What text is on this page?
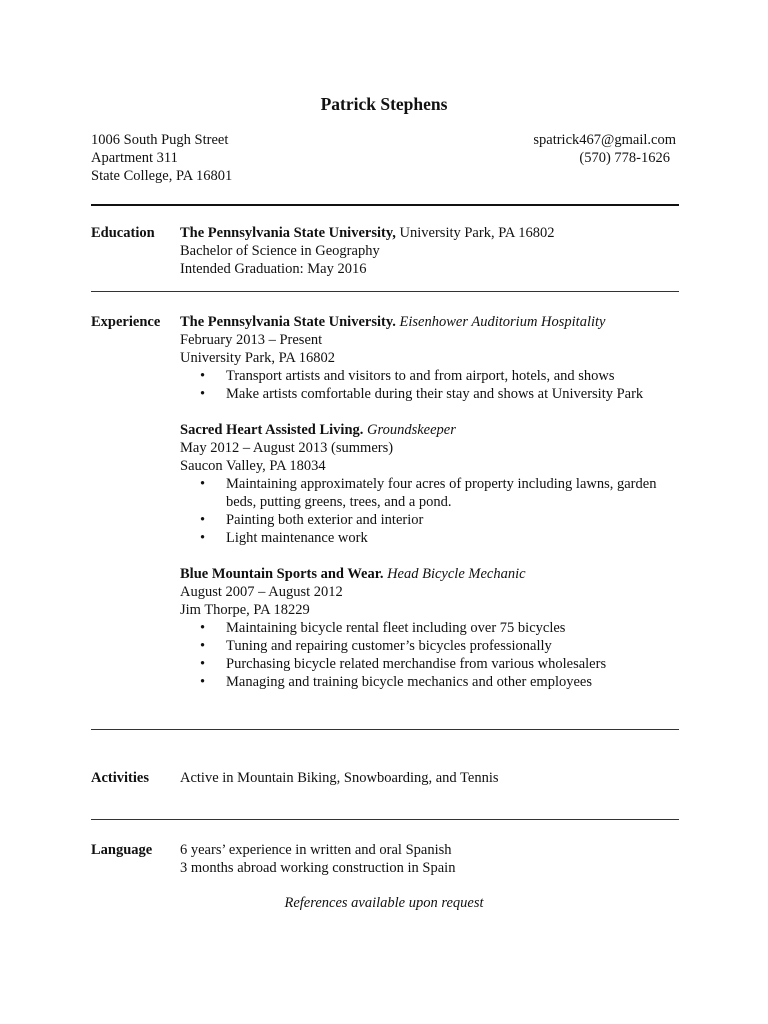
Patrick Stephens
1006 South Pugh Street
Apartment 311
State College, PA 16801
spatrick467@gmail.com
(570) 778-1626
Education The Pennsylvania State University, University Park, PA 16802
Bachelor of Science in Geography
Intended Graduation: May 2016
Experience The Pennsylvania State University. Eisenhower Auditorium Hospitality
February 2013 – Present
University Park, PA 16802
• Transport artists and visitors to and from airport, hotels, and shows
• Make artists comfortable during their stay and shows at University Park
Sacred Heart Assisted Living. Groundskeeper
May 2012 – August 2013 (summers)
Saucon Valley, PA 18034
• Maintaining approximately four acres of property including lawns, garden beds, putting greens, trees, and a pond.
• Painting both exterior and interior
• Light maintenance work
Blue Mountain Sports and Wear. Head Bicycle Mechanic
August 2007 – August 2012
Jim Thorpe, PA 18229
• Maintaining bicycle rental fleet including over 75 bicycles
• Tuning and repairing customer’s bicycles professionally
• Purchasing bicycle related merchandise from various wholesalers
• Managing and training bicycle mechanics and other employees
Activities Active in Mountain Biking, Snowboarding, and Tennis
Language 6 years’ experience in written and oral Spanish
3 months abroad working construction in Spain
References available upon request
